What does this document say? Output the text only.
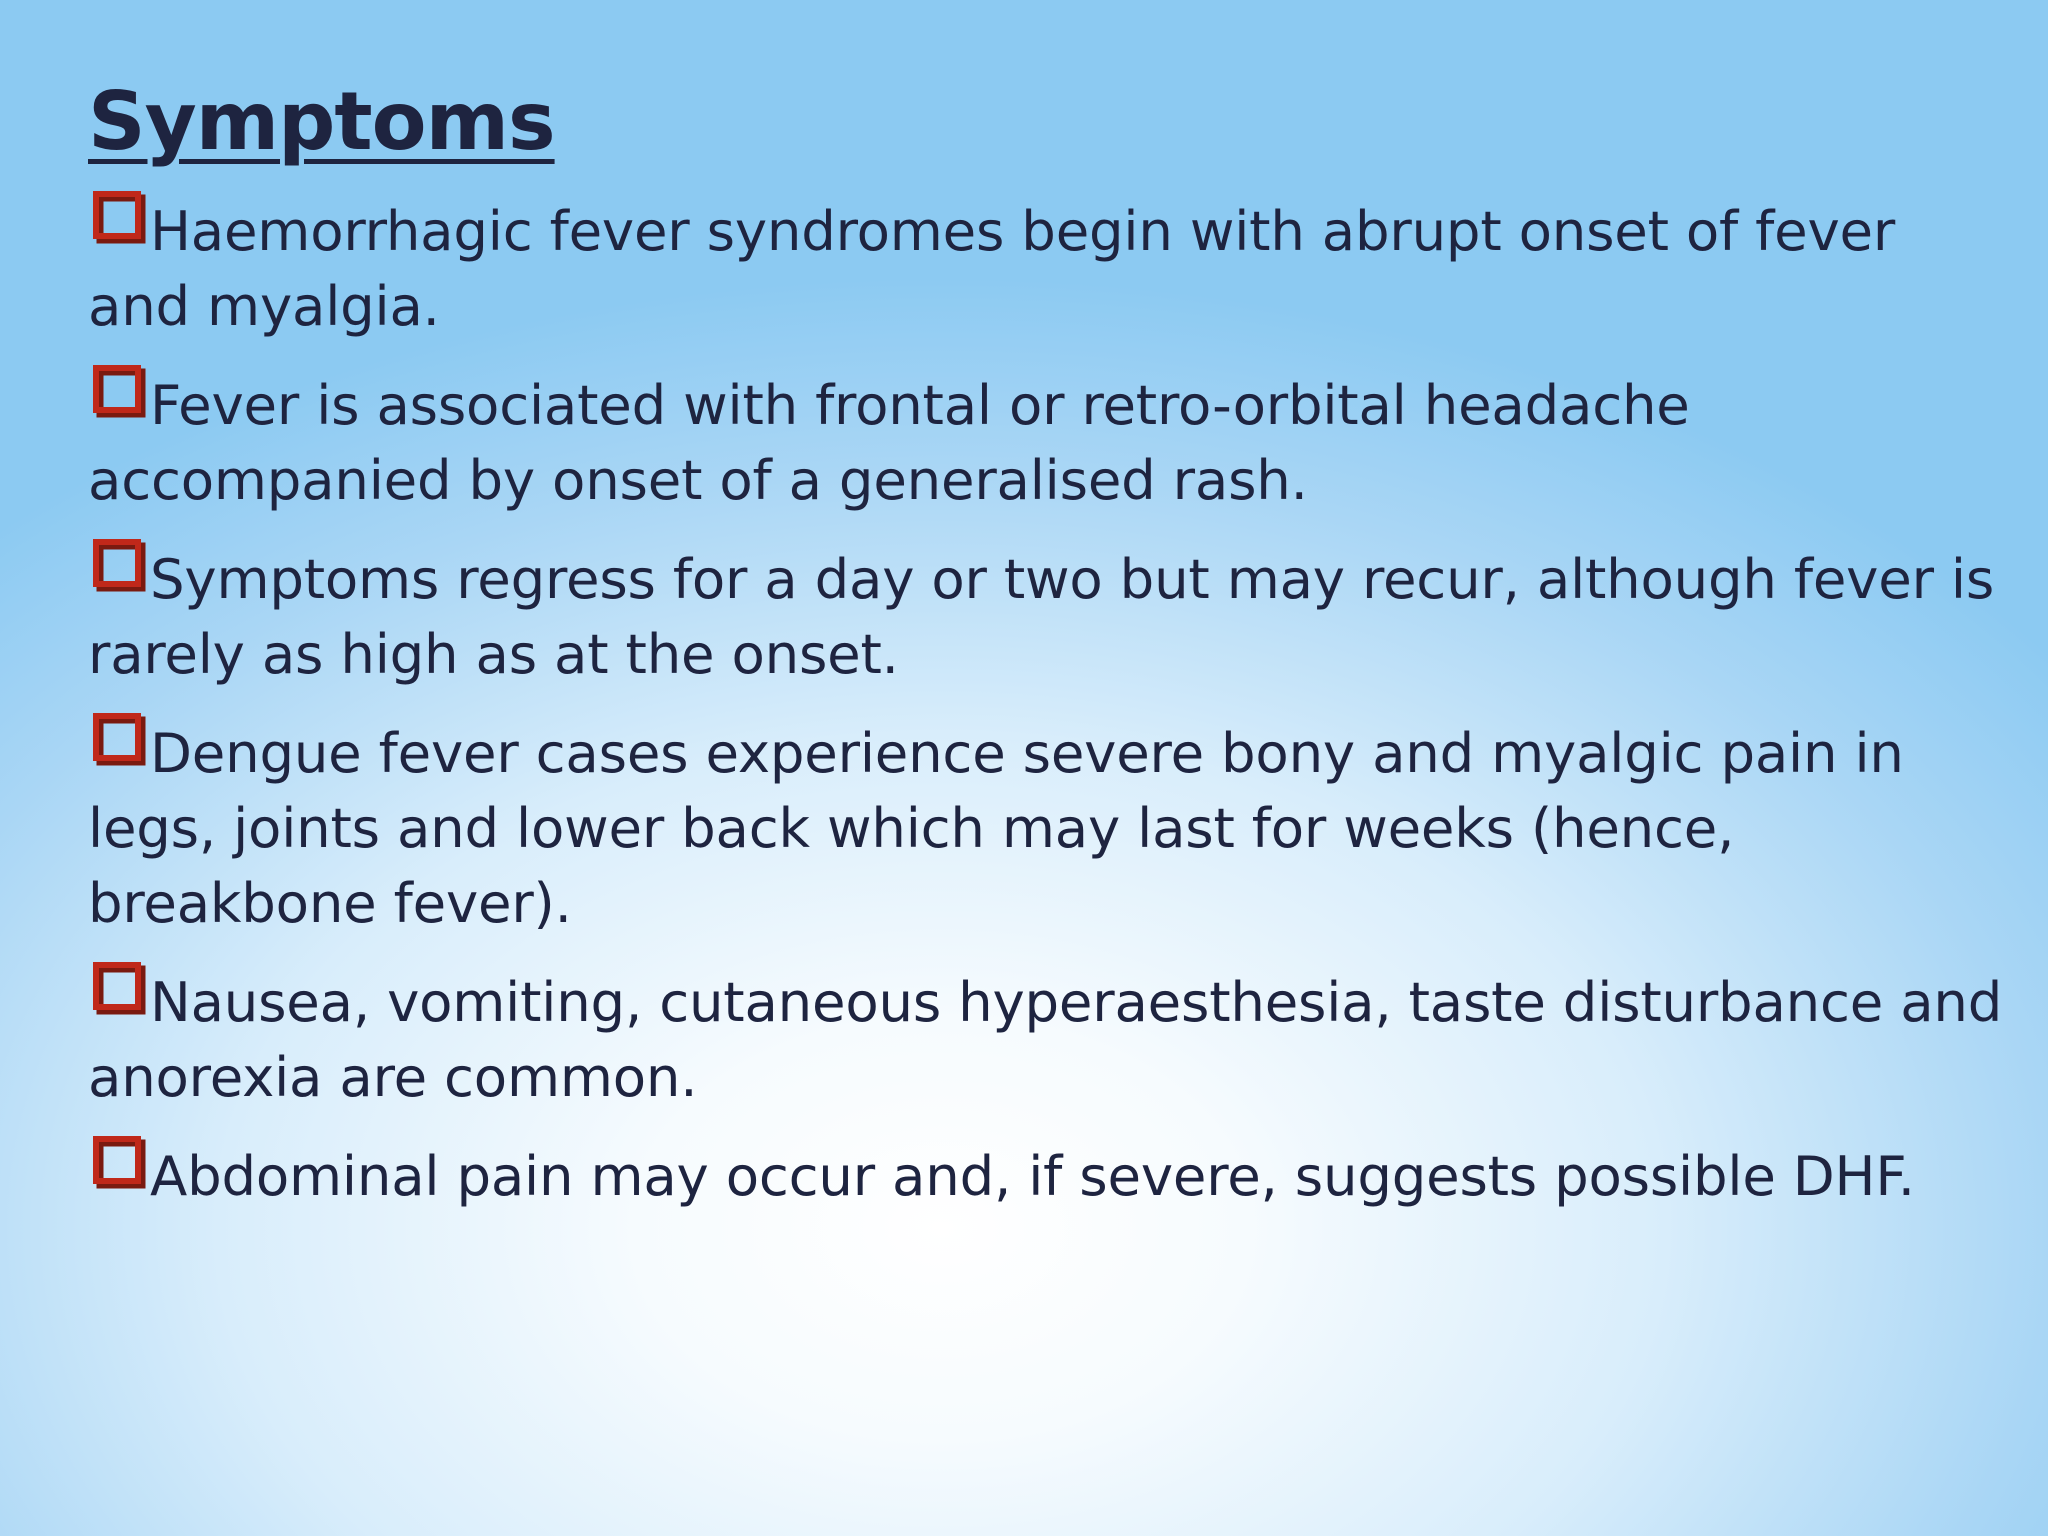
Symptoms
Haemorrhagic fever syndromes begin with abrupt onset of fever and myalgia.
Fever is associated with frontal or retro-orbital headache accompanied by onset of a generalised rash.
Symptoms regress for a day or two but may recur, although fever is rarely as high as at the onset.
Dengue fever cases experience severe bony and myalgic pain in legs, joints and lower back which may last for weeks (hence, breakbone fever).
Nausea, vomiting, cutaneous hyperaesthesia, taste disturbance and anorexia are common.
Abdominal pain may occur and, if severe, suggests possible DHF.
